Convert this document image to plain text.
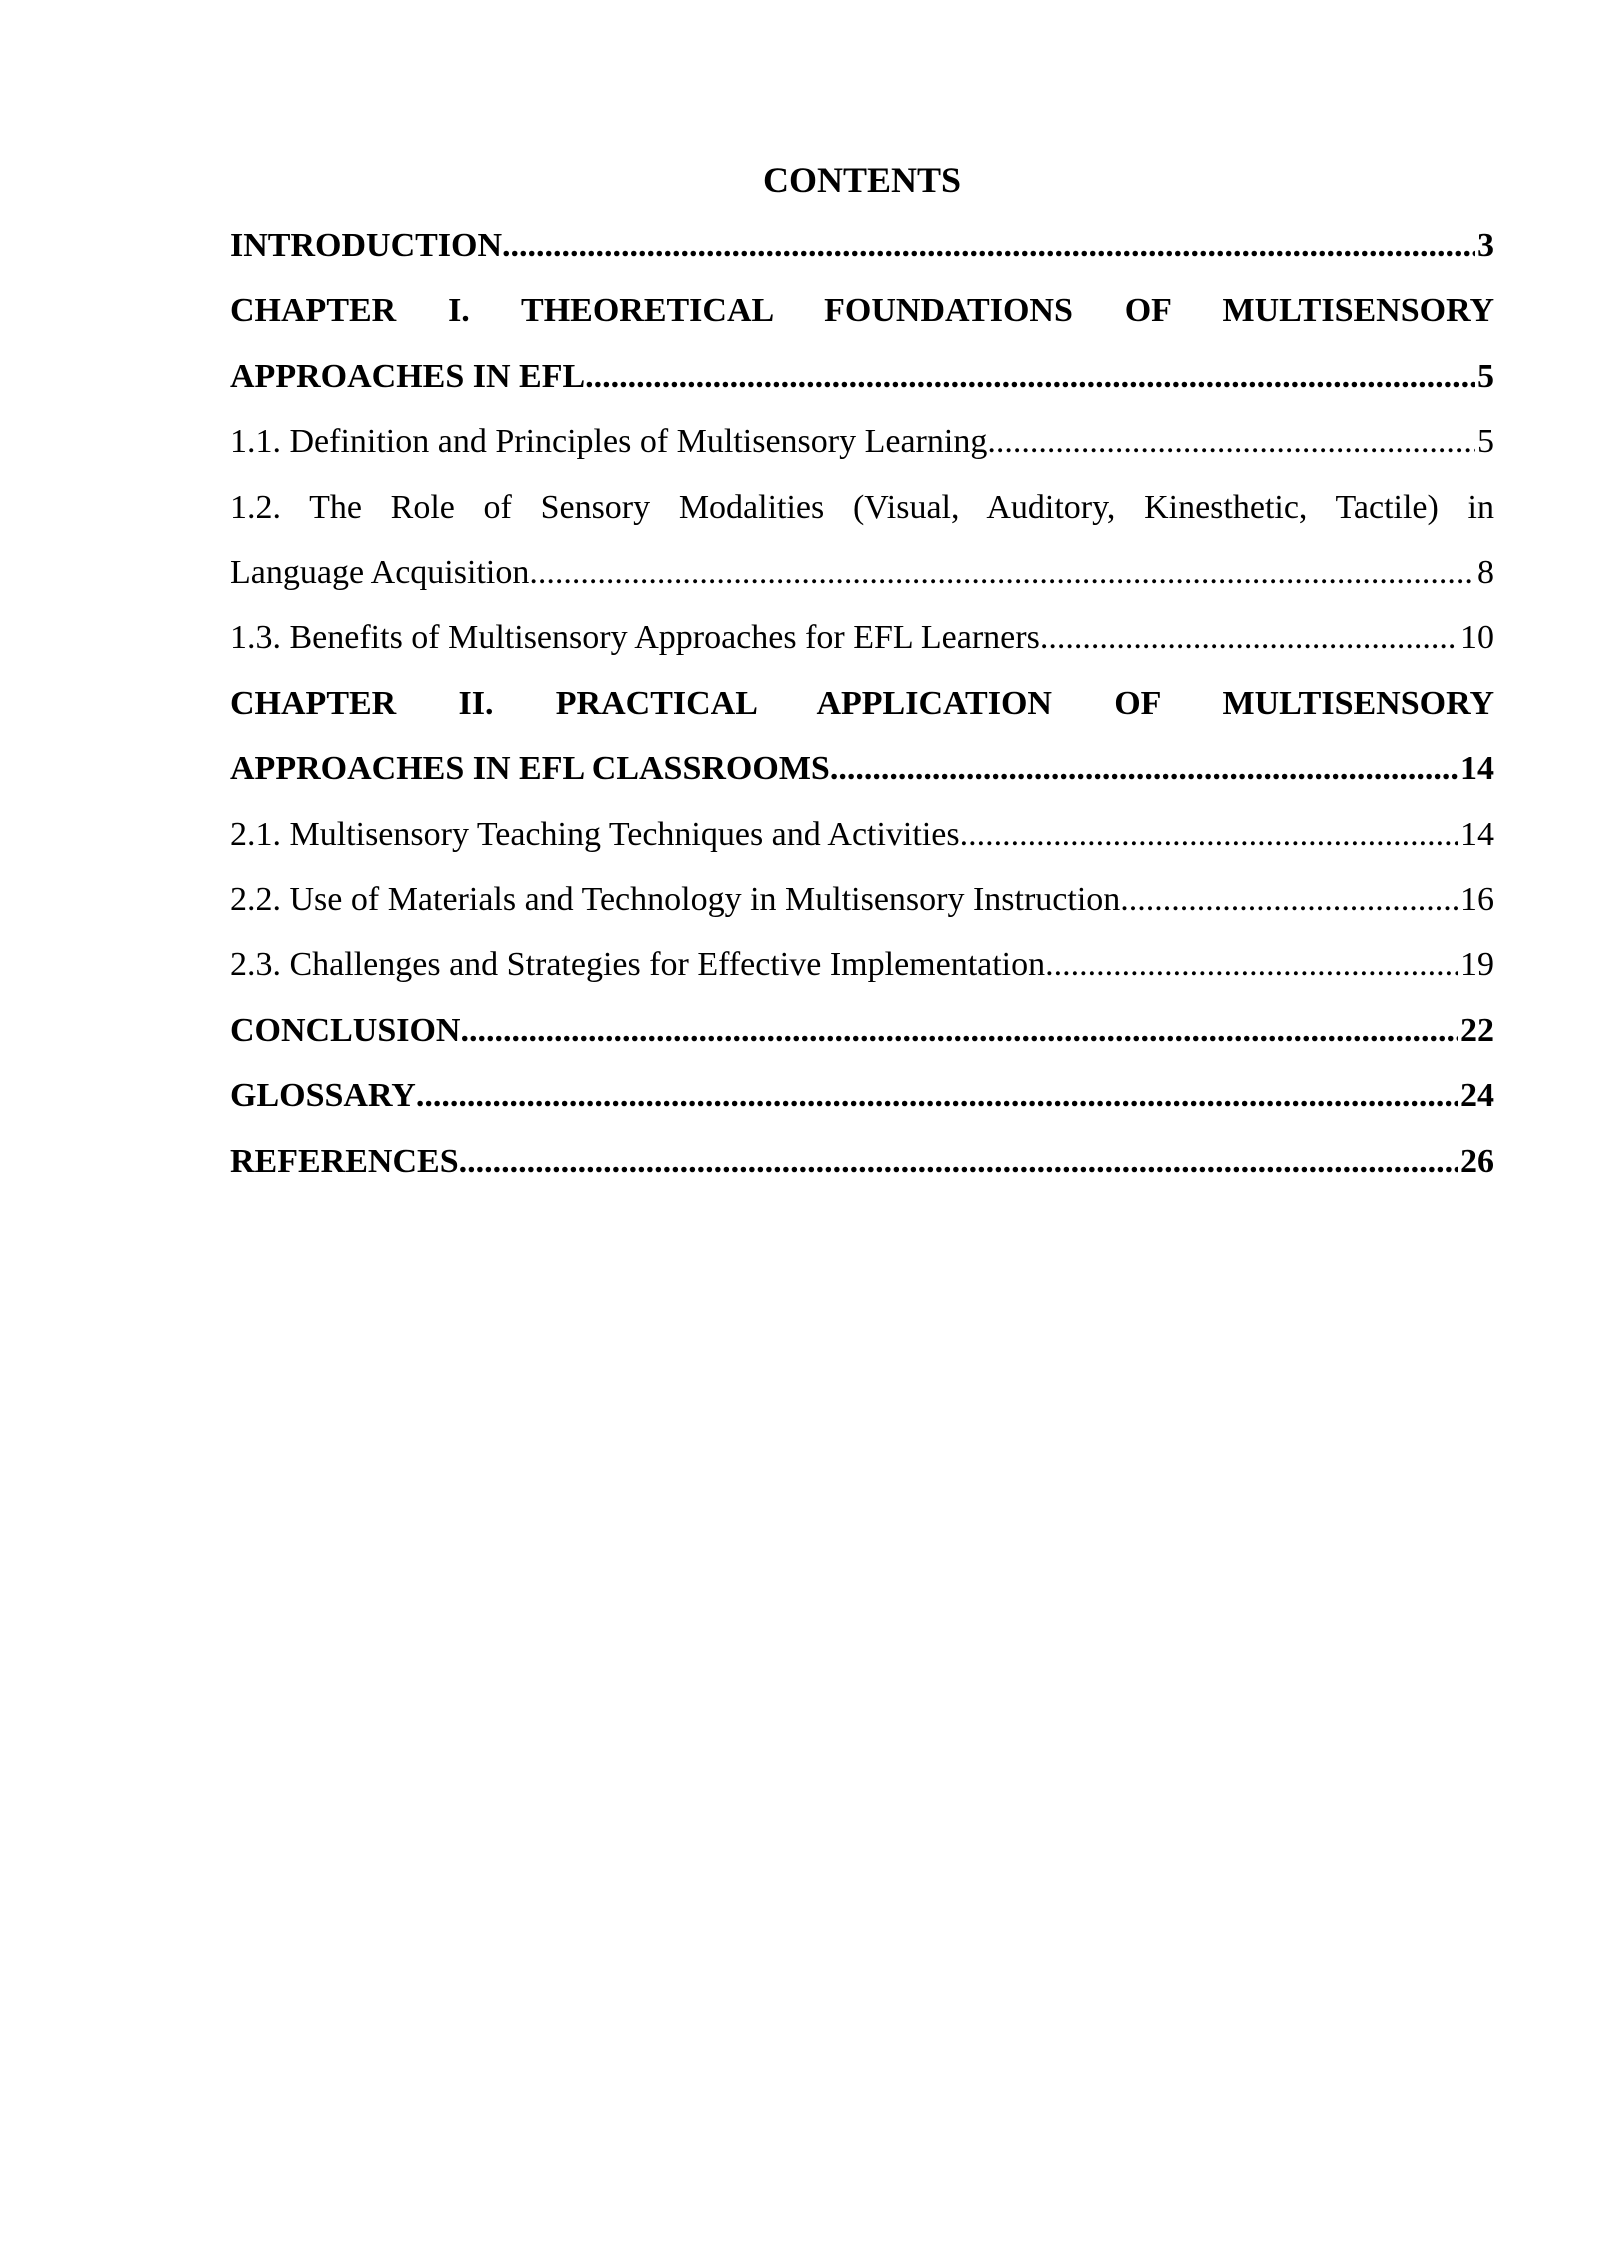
CONTENTS
INTRODUCTION .....	3
CHAPTER I. THEORETICAL FOUNDATIONS OF MULTISENSORY
APPROACHES IN EFL .....	5
1.1. Definition and Principles of Multisensory Learning .....	5
1.2. The Role of Sensory Modalities (Visual, Auditory, Kinesthetic, Tactile) in
Language Acquisition .....	8
1.3. Benefits of Multisensory Approaches for EFL Learners .....	10
CHAPTER II. PRACTICAL APPLICATION OF MULTISENSORY
APPROACHES IN EFL CLASSROOMS .....	14
2.1. Multisensory Teaching Techniques and Activities .....	14
2.2. Use of Materials and Technology in Multisensory Instruction .....	16
2.3. Challenges and Strategies for Effective Implementation .....	19
CONCLUSION .....	22
GLOSSARY .....	24
REFERENCES .....	26
